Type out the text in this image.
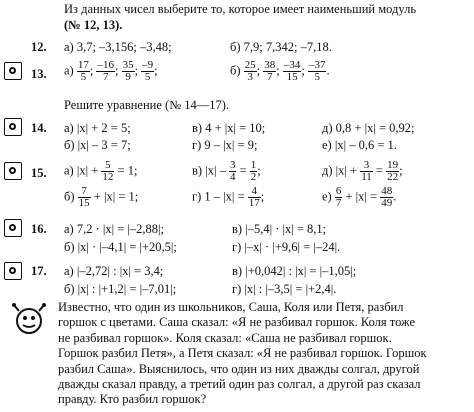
Из данных чисел выберите то, которое имеет наименьший модуль
(№ 12, 13).
12. а) 3,7; –3,156; –3,48;	б) 7,9; 7,342; –7,18.
13. $а) \frac{17}{5}$ ; $\frac{-16}{7}$ ; $\frac{35}{9}$ ; $\frac{-9}{5}$ ;	$б) \frac{25}{3}$ ; $\frac{38}{7}$ ; $\frac{-34}{15}$ ; $\frac{-37}{5}$ .
Решите уравнение (№ 14—17).
14. а) |x| + 2 = 5;	в) 4 + |x| = 10;	д) 0,8 + |x| = 0,92;
б) |x| – 3 = 7;	г) 9 – |x| = 9;	е) |x| – 0,6 = 1.
15. а) $|x| + \frac{5}{12} = 1$;	в) $|x| - \frac{3}{4} = \frac{1}{2}$ ;	д) $|x| + \frac{3}{11} = \frac{19}{22}$ ;
$б) \frac{7}{15} + |x| = 1$;	г) $1 - |x| = \frac{4}{17}$ ;	$е) \frac{6}{7} + |x| = \frac{48}{49}$ .
16. а) 7,2 · |x| = |–2,88|;	в) |–5,4| · |x| = 8,1;
б) |x| · |–4,1| = |+20,5|;	г) |–x| · |+9,6| = |–24|.
17. а) |–2,72| : |x| = 3,4;	в) |+0,042| : |x| = |–1,05|;
б) |x| : |+1,2| = |–7,01|;	г) |x| : |–3,5| = |+2,4|.
Известно, что один из школьников, Саша, Коля или Петя, разбил
горшок с цветами. Саша сказал: «Я не разбивал горшок. Коля тоже
не разбивал горшок». Коля сказал: «Саша не разбивал горшок.
Горшок разбил Петя», а Петя сказал: «Я не разбивал горшок. Горшок
разбил Саша». Выяснилось, что один из них дважды солгал, другой
дважды сказал правду, а третий один раз солгал, а другой раз сказал
правду. Кто разбил горшок?
